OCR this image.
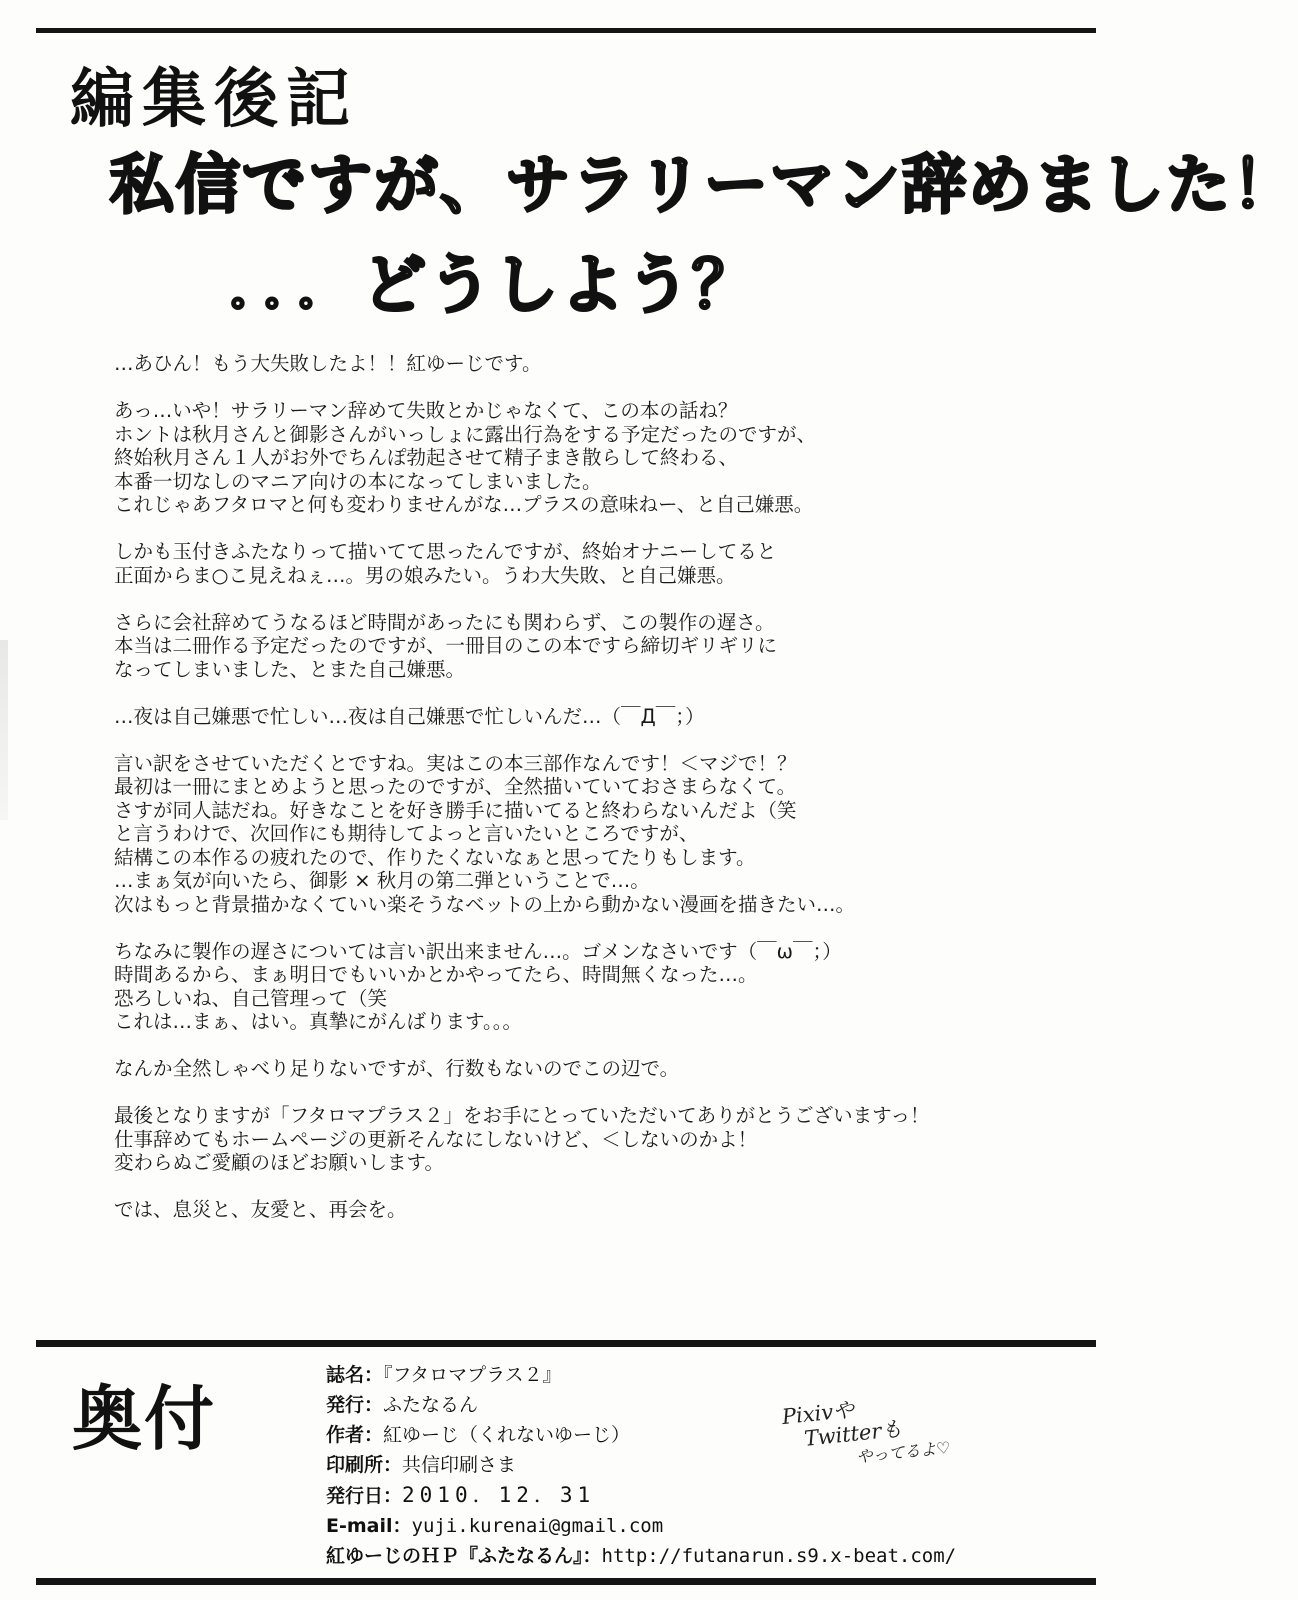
編集後記
私信ですが、サラリーマン辞めました！
．．．どうしよう？
…あひん！もう大失敗したよ！！紅ゆーじです。
あっ…いや！サラリーマン辞めて失敗とかじゃなくて、この本の話ね？
ホントは秋月さんと御影さんがいっしょに露出行為をする予定だったのですが、
終始秋月さん１人がお外でちんぽ勃起させて精子まき散らして終わる、
本番一切なしのマニア向けの本になってしまいました。
これじゃあフタロマと何も変わりませんがな…プラスの意味ねー、と自己嫌悪。
しかも玉付きふたなりって描いてて思ったんですが、終始オナニーしてると
正面からま○こ見えねぇ…。男の娘みたい。うわ大失敗、と自己嫌悪。
さらに会社辞めてうなるほど時間があったにも関わらず、この製作の遅さ。
本当は二冊作る予定だったのですが、一冊目のこの本ですら締切ギリギリに
なってしまいました、とまた自己嫌悪。
…夜は自己嫌悪で忙しい…夜は自己嫌悪で忙しいんだ…（￣Д￣；）
言い訳をさせていただくとですね。実はこの本三部作なんです！＜マジで！？
最初は一冊にまとめようと思ったのですが、全然描いていておさまらなくて。
さすが同人誌だね。好きなことを好き勝手に描いてると終わらないんだよ（笑
と言うわけで、次回作にも期待してよっと言いたいところですが、
結構この本作るの疲れたので、作りたくないなぁと思ってたりもします。
…まぁ気が向いたら、御影 × 秋月の第二弾ということで…。
次はもっと背景描かなくていい楽そうなベットの上から動かない漫画を描きたい…。
ちなみに製作の遅さについては言い訳出来ません…。ゴメンなさいです（￣ω￣；）
時間あるから、まぁ明日でもいいかとかやってたら、時間無くなった…。
恐ろしいね、自己管理って（笑
これは…まぁ、はい。真摯にがんばります。。。
なんか全然しゃべり足りないですが、行数もないのでこの辺で。
最後となりますが「フタロマプラス２」をお手にとっていただいてありがとうございますっ！
仕事辞めてもホームページの更新そんなにしないけど、＜しないのかよ！
変わらぬご愛顧のほどお願いします。
では、息災と、友愛と、再会を。
奥付
誌名：『フタロマプラス２』
発行：ふたなるん
作者：紅ゆーじ（くれないゆーじ）
印刷所：共信印刷さま
発行日：2010．12．31
E-mail：yuji.kurenai@gmail.com
紅ゆーじのＨＰ『ふたなるん』：http://futanarun.s9.x-beat.com/
Pixivや
Twitterも
やってるよ♡
